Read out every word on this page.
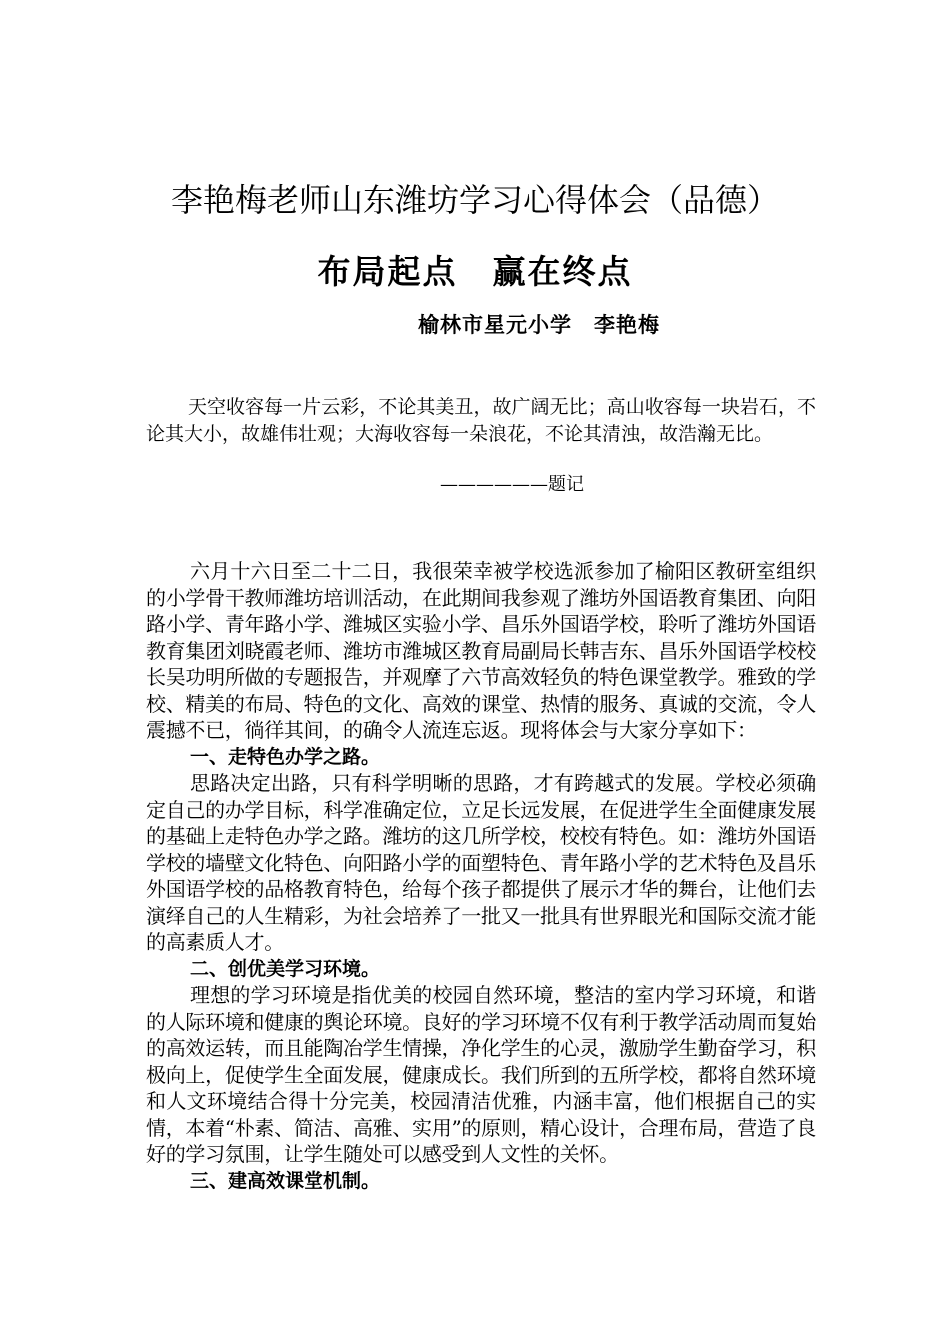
李艳梅老师山东潍坊学习心得体会（品德）
布局起点　赢在终点
榆林市星元小学　李艳梅

天空收容每一片云彩，不论其美丑，故广阔无比；高山收容每一块岩石，不论其大小，故雄伟壮观；大海收容每一朵浪花，不论其清浊，故浩瀚无比。

——————题记

六月十六日至二十二日，我很荣幸被学校选派参加了榆阳区教研室组织的小学骨干教师潍坊培训活动，在此期间我参观了潍坊外国语教育集团、向阳路小学、青年路小学、潍城区实验小学、昌乐外国语学校，聆听了潍坊外国语教育集团刘晓霞老师、潍坊市潍城区教育局副局长韩吉东、昌乐外国语学校校长吴功明所做的专题报告，并观摩了六节高效轻负的特色课堂教学。雅致的学校、精美的布局、特色的文化、高效的课堂、热情的服务、真诚的交流，令人震撼不已，徜徉其间，的确令人流连忘返。现将体会与大家分享如下：

一、走特色办学之路。

思路决定出路，只有科学明晰的思路，才有跨越式的发展。学校必须确定自己的办学目标，科学准确定位，立足长远发展，在促进学生全面健康发展的基础上走特色办学之路。潍坊的这几所学校，校校有特色。如：潍坊外国语学校的墙壁文化特色、向阳路小学的面塑特色、青年路小学的艺术特色及昌乐外国语学校的品格教育特色，给每个孩子都提供了展示才华的舞台，让他们去演绎自己的人生精彩，为社会培养了一批又一批具有世界眼光和国际交流才能的高素质人才。

二、创优美学习环境。

理想的学习环境是指优美的校园自然环境，整洁的室内学习环境，和谐的人际环境和健康的舆论环境。良好的学习环境不仅有利于教学活动周而复始的高效运转，而且能陶冶学生情操，净化学生的心灵，激励学生勤奋学习，积极向上，促使学生全面发展，健康成长。我们所到的五所学校，都将自然环境和人文环境结合得十分完美，校园清洁优雅，内涵丰富，他们根据自己的实情，本着“朴素、简洁、高雅、实用”的原则，精心设计，合理布局，营造了良好的学习氛围，让学生随处可以感受到人文性的关怀。

三、建高效课堂机制。
